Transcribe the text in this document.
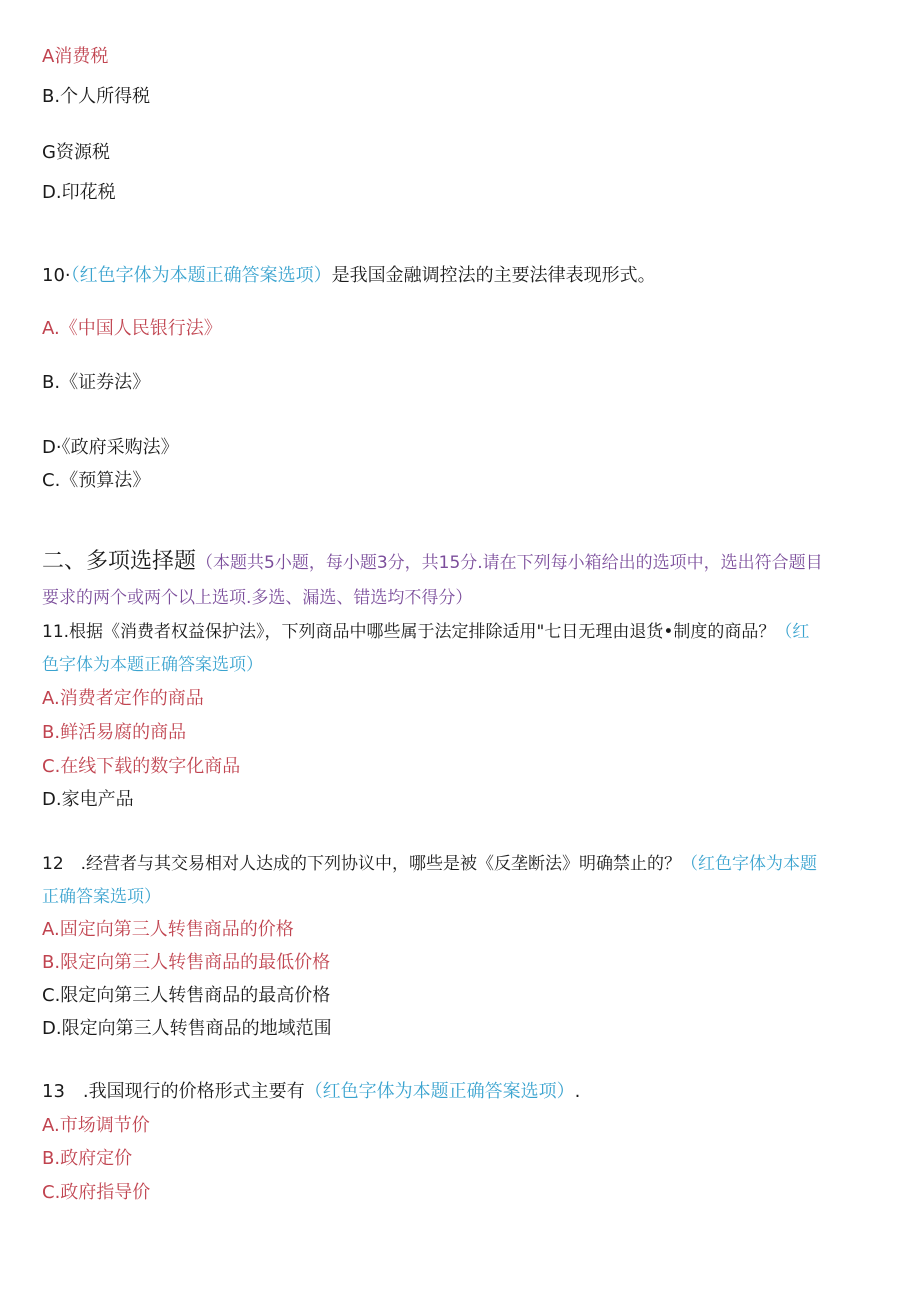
A消费税
B.个人所得税
G资源税
D.印花税
10·（红色字体为本题正确答案选项）是我国金融调控法的主要法律表现形式。
A.《中国人民银行法》
B.《证券法》
D·《政府采购法》
C.《预算法》
二、多项选择题（本题共5小题，每小题3分，共15分.请在下列每小箱给出的选项中，选出符合题目
要求的两个或两个以上选项.多选、漏选、错选均不得分）
11.根据《消费者权益保护法》，下列商品中哪些属于法定排除适用"七日无理由退货•制度的商品？（红
色字体为本题正确答案选项）
A.消费者定作的商品
B.鲜活易腐的商品
C.在线下载的数字化商品
D.家电产品
12　.经营者与其交易相对人达成的下列协议中，哪些是被《反垄断法》明确禁止的？（红色字体为本题
正确答案选项）
A.固定向第三人转售商品的价格
B.限定向第三人转售商品的最低价格
C.限定向第三人转售商品的最高价格
D.限定向第三人转售商品的地域范围
13　.我国现行的价格形式主要有（红色字体为本题正确答案选项）.
A.市场调节价
B.政府定价
C.政府指导价
